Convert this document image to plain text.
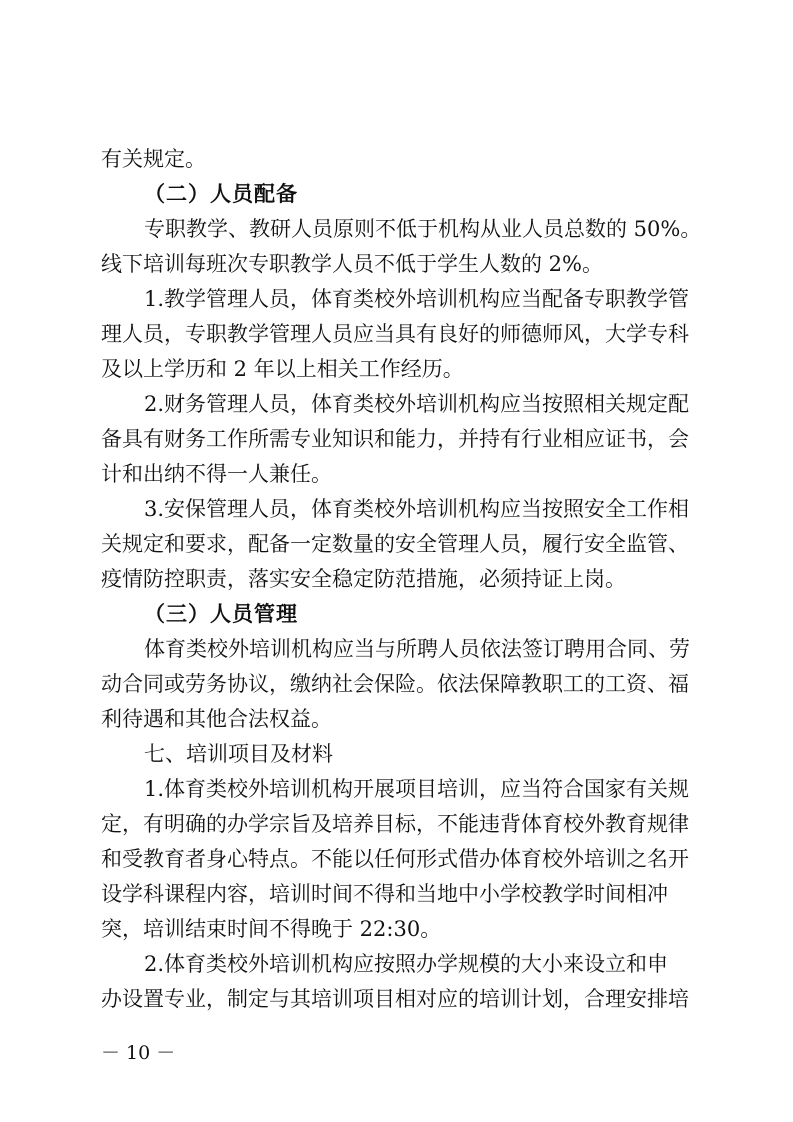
有关规定。
（二）人员配备
专职教学、教研人员原则不低于机构从业人员总数的 50%。
线下培训每班次专职教学人员不低于学生人数的 2%。
1.教学管理人员，体育类校外培训机构应当配备专职教学管
理人员，专职教学管理人员应当具有良好的师德师风，大学专科
及以上学历和 2 年以上相关工作经历。
2.财务管理人员，体育类校外培训机构应当按照相关规定配
备具有财务工作所需专业知识和能力，并持有行业相应证书，会
计和出纳不得一人兼任。
3.安保管理人员，体育类校外培训机构应当按照安全工作相
关规定和要求，配备一定数量的安全管理人员，履行安全监管、
疫情防控职责，落实安全稳定防范措施，必须持证上岗。
（三）人员管理
体育类校外培训机构应当与所聘人员依法签订聘用合同、劳
动合同或劳务协议，缴纳社会保险。依法保障教职工的工资、福
利待遇和其他合法权益。
七、培训项目及材料
1.体育类校外培训机构开展项目培训，应当符合国家有关规
定，有明确的办学宗旨及培养目标，不能违背体育校外教育规律
和受教育者身心特点。不能以任何形式借办体育校外培训之名开
设学科课程内容，培训时间不得和当地中小学校教学时间相冲
突，培训结束时间不得晚于 22:30。
2.体育类校外培训机构应按照办学规模的大小来设立和申
办设置专业，制定与其培训项目相对应的培训计划，合理安排培
－ 10 －
